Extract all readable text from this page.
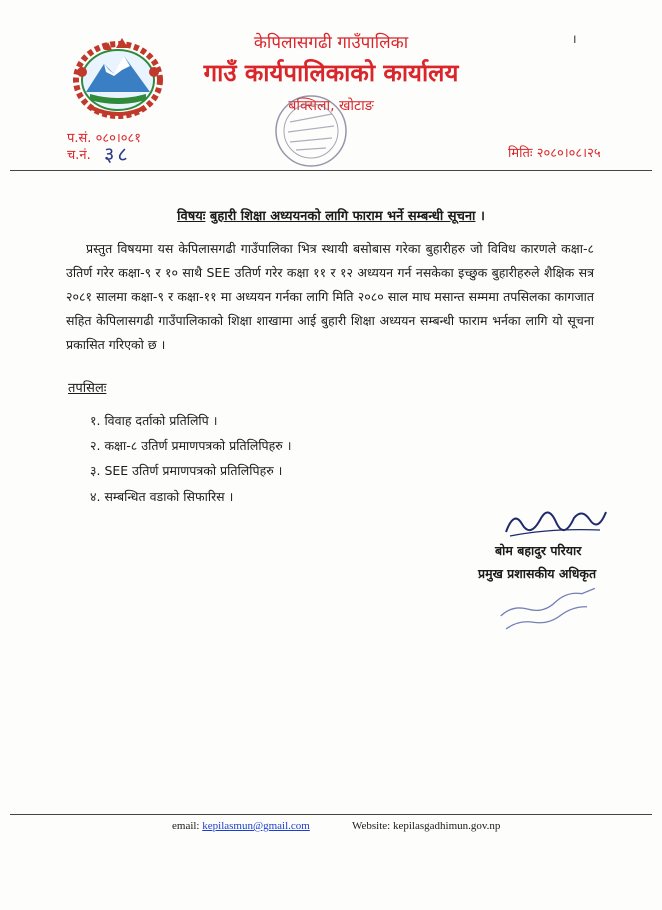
केपिलासगढी गाउँपालिका
गाउँ कार्यपालिकाको कार्यालय
बक्सिला, खोटाङ
।
प.सं. ०८०।०८१
च.नं. ३८	मितिः २०८०।०८।२५
विषयः बुहारी शिक्षा अध्ययनको लागि फाराम भर्ने सम्बन्धी सूचना ।
प्रस्तुत विषयमा यस केपिलासगढी गाउँपालिका भित्र स्थायी बसोबास गरेका बुहारीहरु जो विविध कारणले कक्षा-८ उतिर्ण गरेर कक्षा-९ र १० साथै SEE उतिर्ण गरेर कक्षा ११ र १२ अध्ययन गर्न नसकेका इच्छुक बुहारीहरुले शैक्षिक सत्र २०८१ सालमा कक्षा-९ र कक्षा-११ मा अध्ययन गर्नका लागि मिति २०८० साल माघ मसान्त सम्ममा तपसिलका कागजात सहित केपिलासगढी गाउँपालिकाको शिक्षा शाखामा आई बुहारी शिक्षा अध्ययन सम्बन्धी फाराम भर्नका लागि यो सूचना प्रकासित गरिएको छ ।
तपसिलः
१. विवाह दर्ताको प्रतिलिपि ।
२. कक्षा-८ उतिर्ण प्रमाणपत्रको प्रतिलिपिहरु ।
३. SEE उतिर्ण प्रमाणपत्रको प्रतिलिपिहरु ।
४. सम्बन्धित वडाको सिफारिस ।
बोम बहादुर परियार
प्रमुख प्रशासकीय अधिकृत
email: kepilasmun@gmail.com	Website: kepilasgadhimun.gov.np
